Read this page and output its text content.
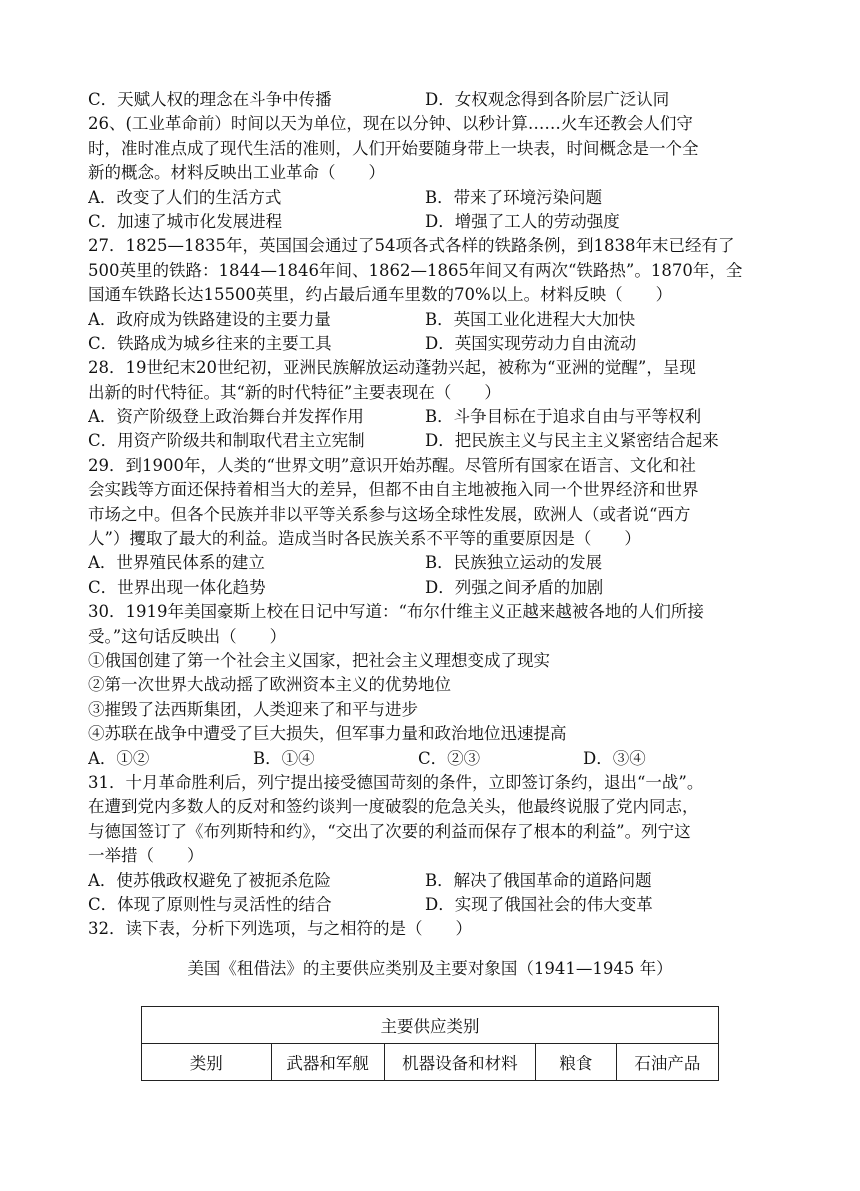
C．天赋人权的理念在斗争中传播	D．女权观念得到各阶层广泛认同
26、(工业革命前）时间以天为单位，现在以分钟、以秒计算……火车还教会人们守
时，准时准点成了现代生活的准则，人们开始要随身带上一块表，时间概念是一个全
新的概念。材料反映出工业革命（　　）
A．改变了人们的生活方式	B．带来了环境污染问题
C．加速了城市化发展进程	D．增强了工人的劳动强度
27．1825—1835年，英国国会通过了54项各式各样的铁路条例，到1838年末已经有了
500英里的铁路：1844—1846年间、1862—1865年间又有两次“铁路热”。1870年，全
国通车铁路长达15500英里，约占最后通车里数的70%以上。材料反映（　　）
A．政府成为铁路建设的主要力量	B．英国工业化进程大大加快
C．铁路成为城乡往来的主要工具	D．英国实现劳动力自由流动
28．19世纪末20世纪初，亚洲民族解放运动蓬勃兴起，被称为“亚洲的觉醒”，呈现
出新的时代特征。其“新的时代特征”主要表现在（　　）
A．资产阶级登上政治舞台并发挥作用	B．斗争目标在于追求自由与平等权利
C．用资产阶级共和制取代君主立宪制	D．把民族主义与民主主义紧密结合起来
29．到1900年，人类的“世界文明”意识开始苏醒。尽管所有国家在语言、文化和社
会实践等方面还保持着相当大的差异，但都不由自主地被拖入同一个世界经济和世界
市场之中。但各个民族并非以平等关系参与这场全球性发展，欧洲人（或者说“西方
人”）攫取了最大的利益。造成当时各民族关系不平等的重要原因是（　　）
A．世界殖民体系的建立	B．民族独立运动的发展
C．世界出现一体化趋势	D．列强之间矛盾的加剧
30．1919年美国豪斯上校在日记中写道：“布尔什维主义正越来越被各地的人们所接
受。”这句话反映出（　　）
①俄国创建了第一个社会主义国家，把社会主义理想变成了现实
②第一次世界大战动摇了欧洲资本主义的优势地位
③摧毁了法西斯集团，人类迎来了和平与进步
④苏联在战争中遭受了巨大损失，但军事力量和政治地位迅速提高
A．①②	B．①④	C．②③	D．③④
31．十月革命胜利后，列宁提出接受德国苛刻的条件，立即签订条约，退出“一战”。
在遭到党内多数人的反对和签约谈判一度破裂的危急关头，他最终说服了党内同志，
与德国签订了《布列斯特和约》，“交出了次要的利益而保存了根本的利益”。列宁这
一举措（　　）
A．使苏俄政权避免了被扼杀危险	B．解决了俄国革命的道路问题
C．体现了原则性与灵活性的结合	D．实现了俄国社会的伟大变革
32．读下表，分析下列选项，与之相符的是（　　）
美国《租借法》的主要供应类别及主要对象国（1941—1945 年）
主要供应类别
类别	武器和军舰	机器设备和材料	粮食	石油产品
